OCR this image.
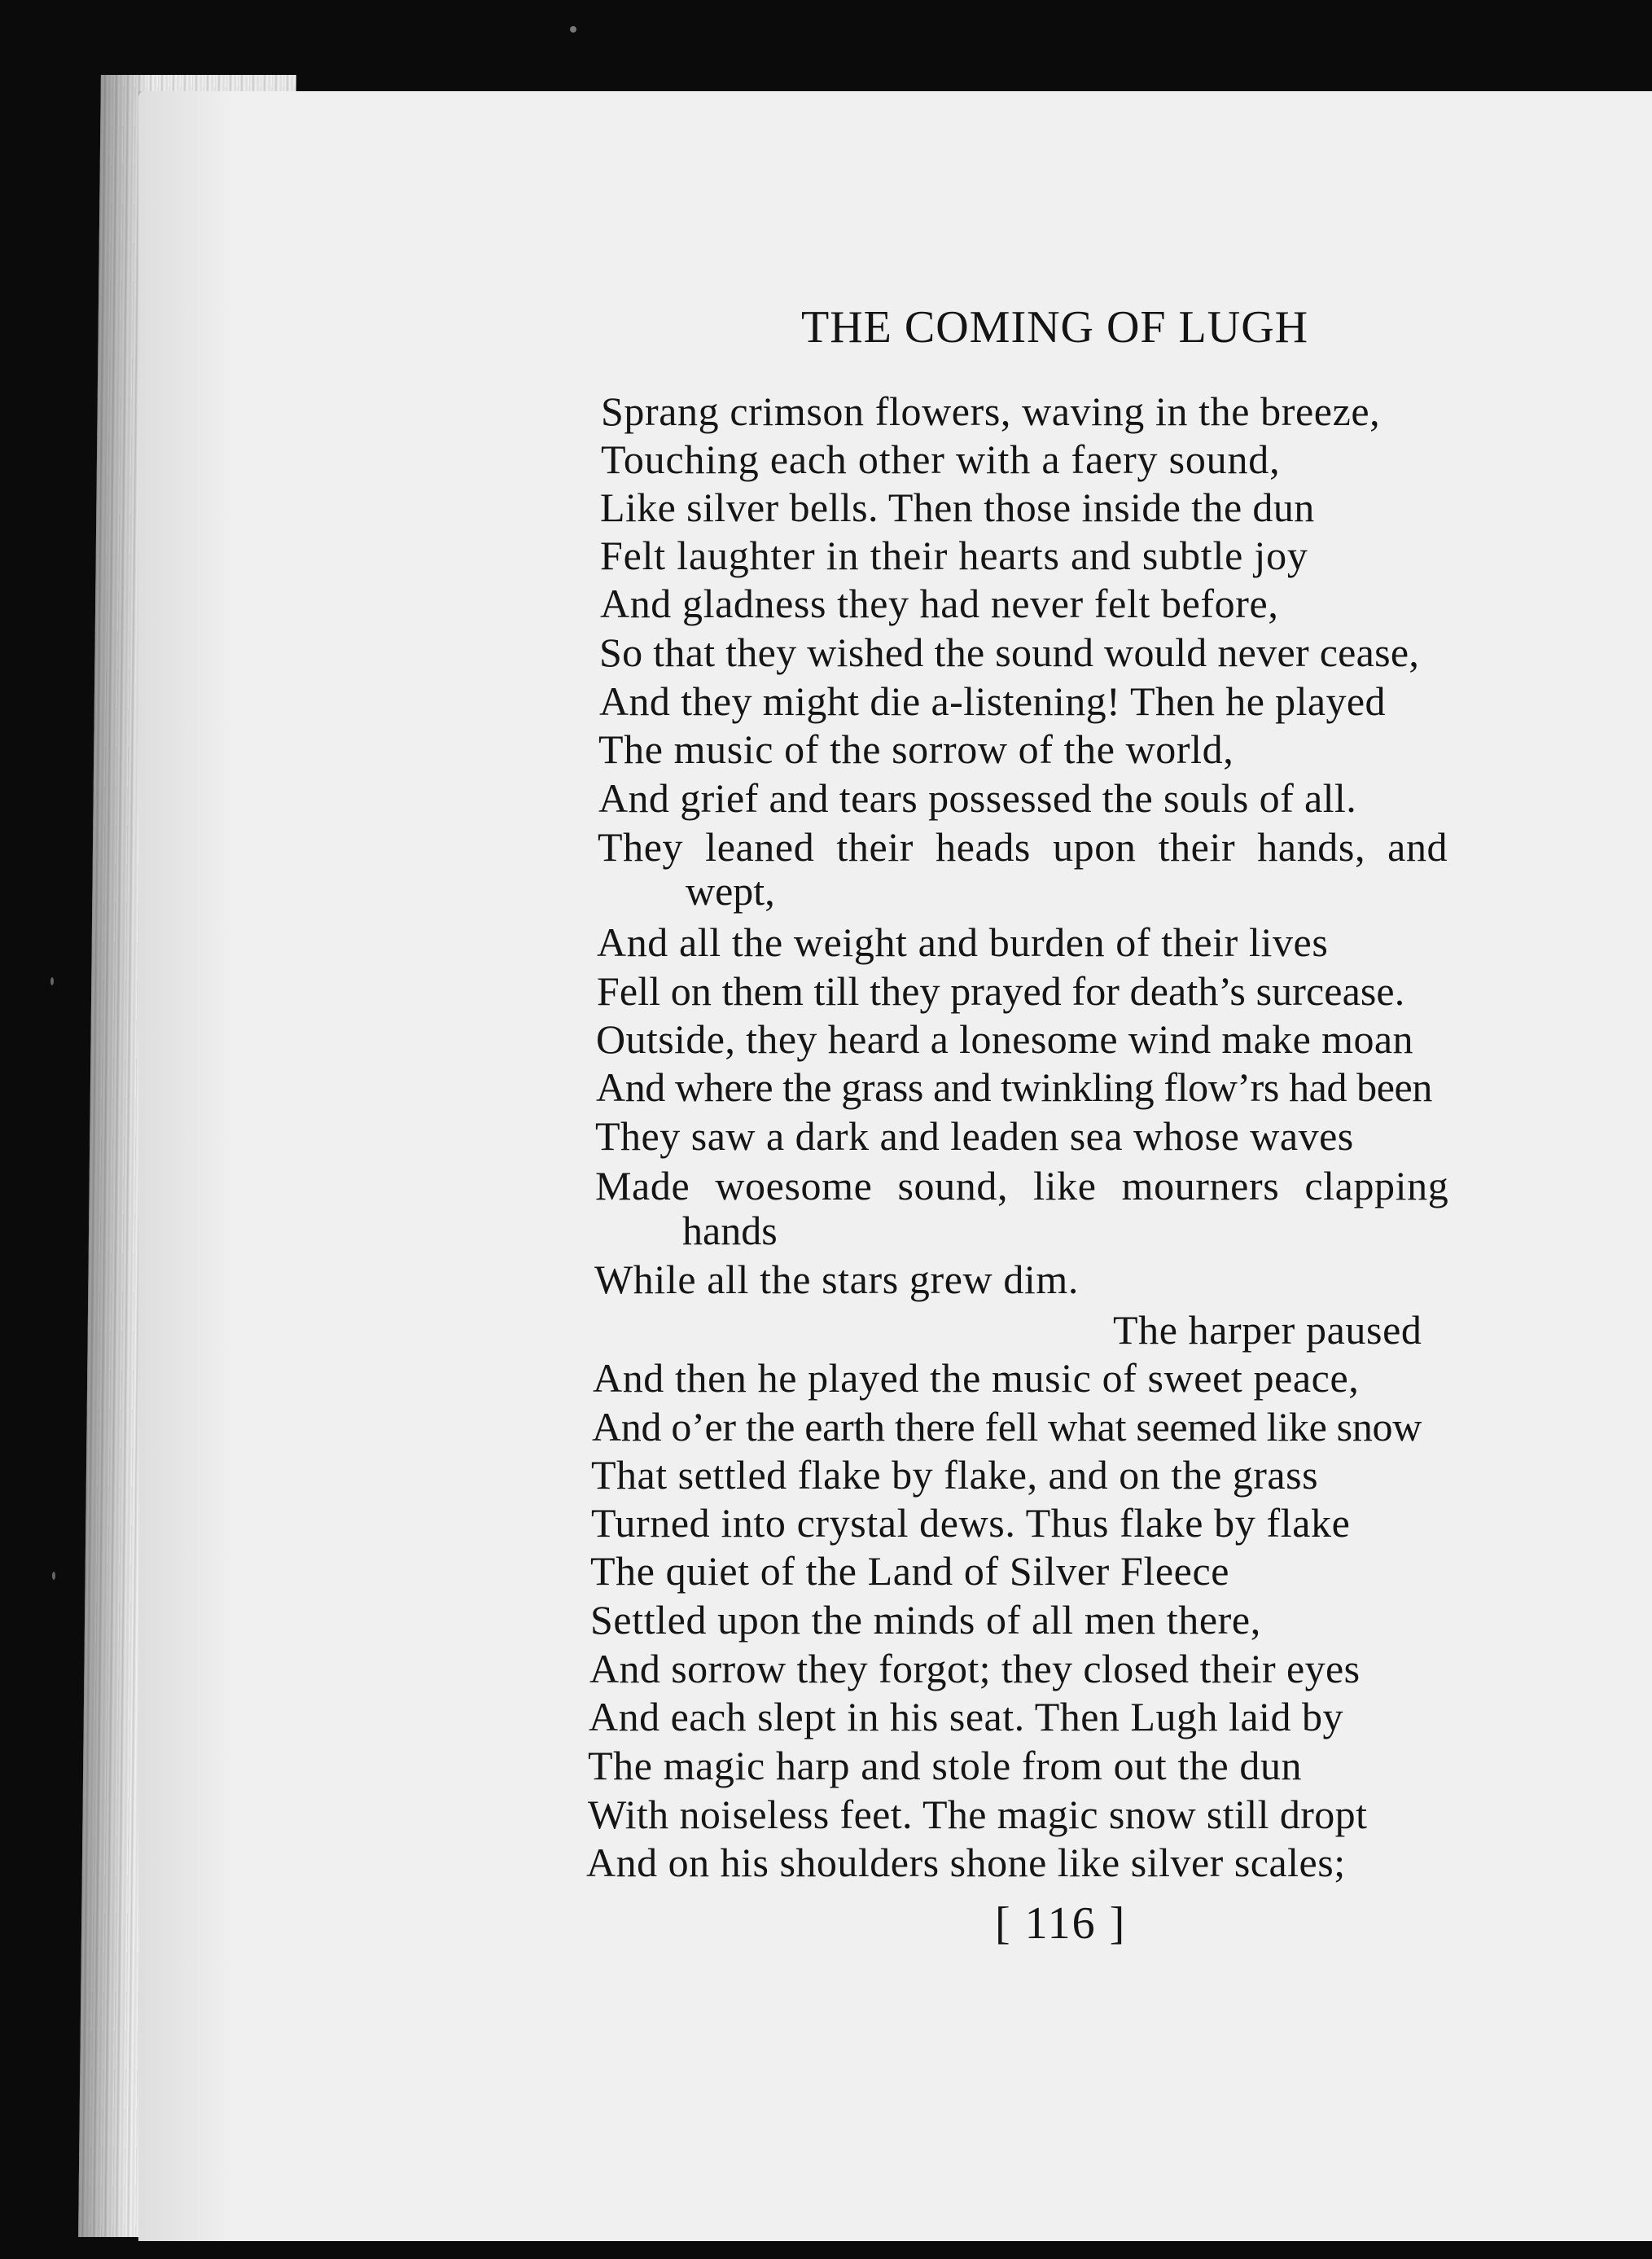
THE COMING OF LUGH
Sprang crimson flowers, waving in the breeze,
Touching each other with a faery sound,
Like silver bells. Then those inside the dun
Felt laughter in their hearts and subtle joy
And gladness they had never felt before,
So that they wished the sound would never cease,
And they might die a-listening! Then he played
The music of the sorrow of the world,
And grief and tears possessed the souls of all.
They leaned their heads upon their hands, and
wept,
And all the weight and burden of their lives
Fell on them till they prayed for death’s surcease.
Outside, they heard a lonesome wind make moan
And where the grass and twinkling flow’rs had been
They saw a dark and leaden sea whose waves
Made woesome sound, like mourners clapping
hands
While all the stars grew dim.
The harper paused
And then he played the music of sweet peace,
And o’er the earth there fell what seemed like snow
That settled flake by flake, and on the grass
Turned into crystal dews. Thus flake by flake
The quiet of the Land of Silver Fleece
Settled upon the minds of all men there,
And sorrow they forgot; they closed their eyes
And each slept in his seat. Then Lugh laid by
The magic harp and stole from out the dun
With noiseless feet. The magic snow still dropt
And on his shoulders shone like silver scales;
[ 116 ]
